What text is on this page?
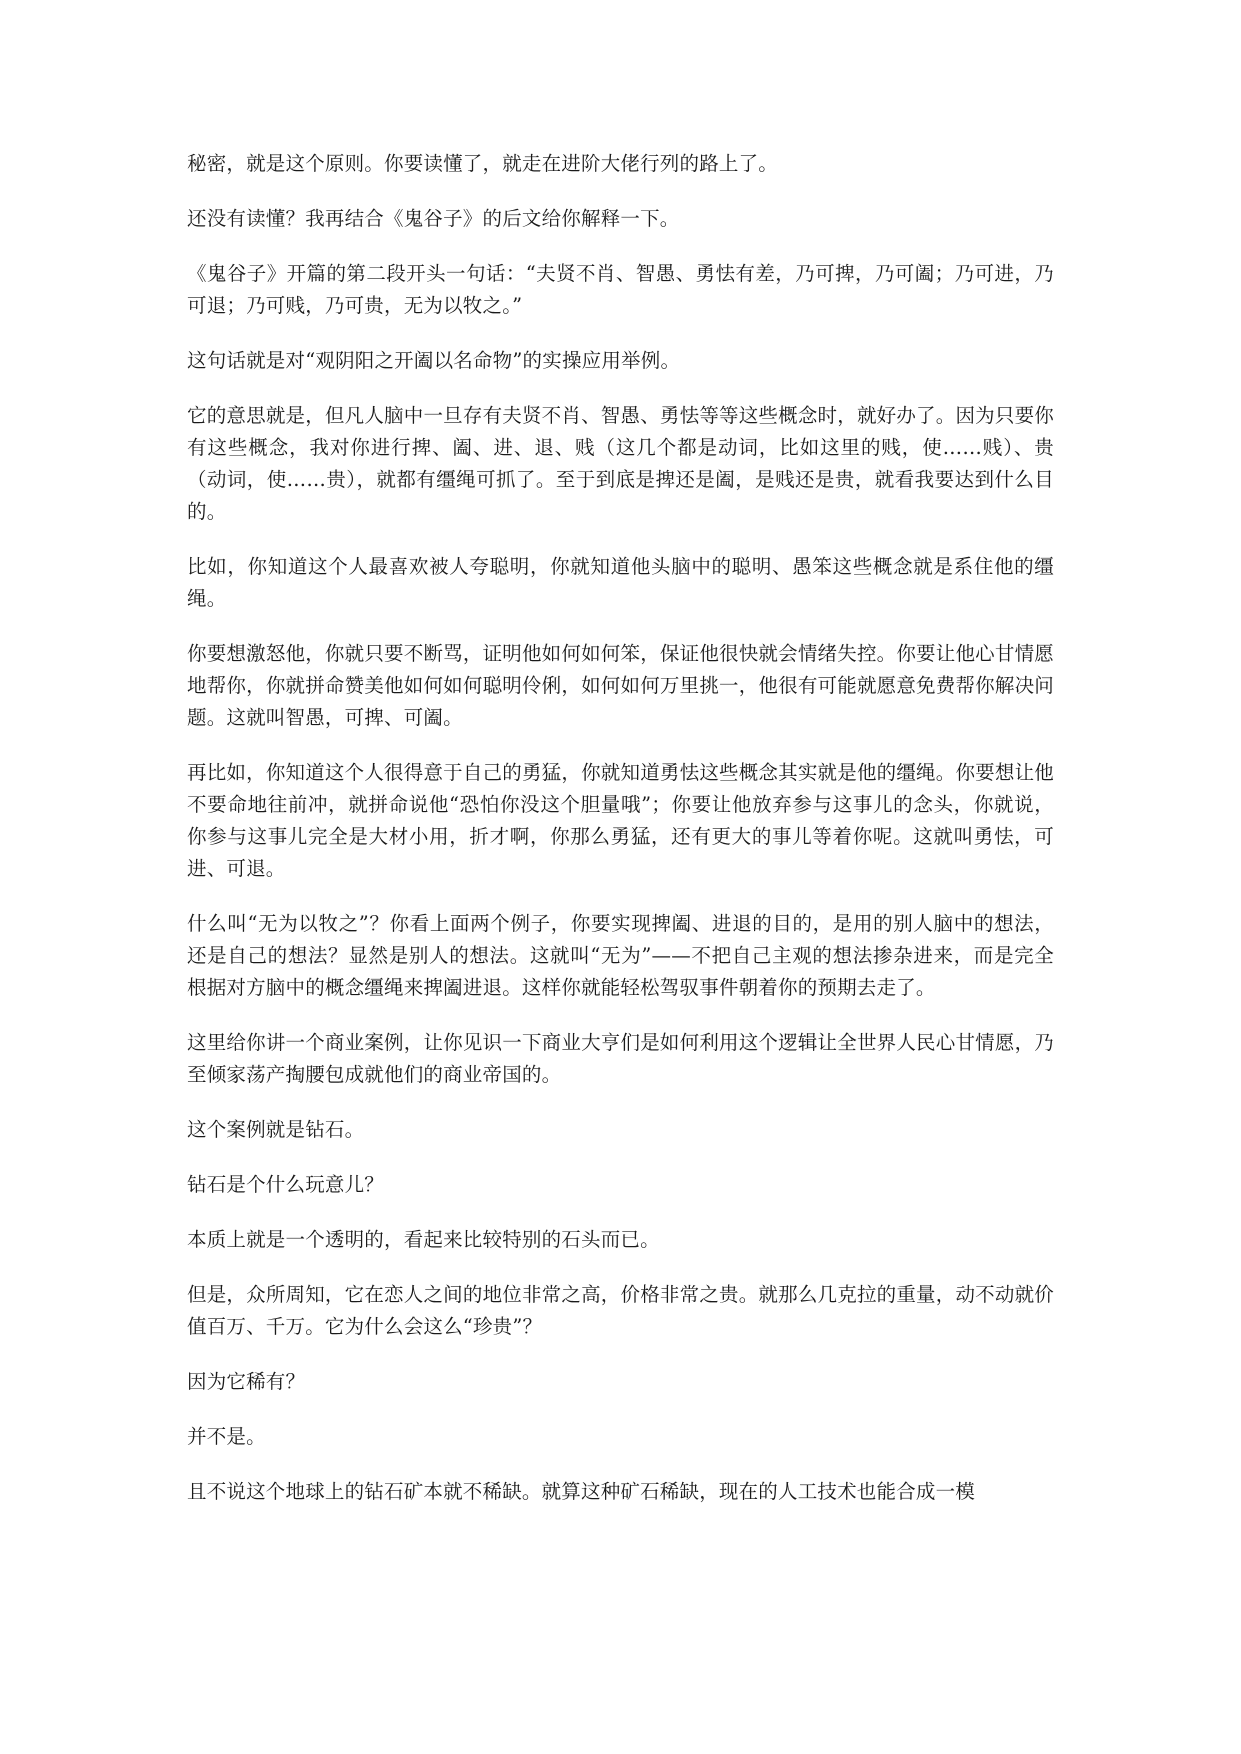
秘密，就是这个原则。你要读懂了，就走在进阶大佬行列的路上了。

还没有读懂？我再结合《鬼谷子》的后文给你解释一下。

《鬼谷子》开篇的第二段开头一句话：“夫贤不肖、智愚、勇怯有差，乃可捭，乃可阖；乃可进，乃可退；乃可贱，乃可贵，无为以牧之。”

这句话就是对“观阴阳之开阖以名命物”的实操应用举例。

它的意思就是，但凡人脑中一旦存有夫贤不肖、智愚、勇怯等等这些概念时，就好办了。因为只要你有这些概念，我对你进行捭、阖、进、退、贱（这几个都是动词，比如这里的贱，使……贱）、贵（动词，使……贵），就都有缰绳可抓了。至于到底是捭还是阖，是贱还是贵，就看我要达到什么目的。

比如，你知道这个人最喜欢被人夸聪明，你就知道他头脑中的聪明、愚笨这些概念就是系住他的缰绳。

你要想激怒他，你就只要不断骂，证明他如何如何笨，保证他很快就会情绪失控。你要让他心甘情愿地帮你，你就拼命赞美他如何如何聪明伶俐，如何如何万里挑一，他很有可能就愿意免费帮你解决问题。这就叫智愚，可捭、可阖。

再比如，你知道这个人很得意于自己的勇猛，你就知道勇怯这些概念其实就是他的缰绳。你要想让他不要命地往前冲，就拼命说他“恐怕你没这个胆量哦”；你要让他放弃参与这事儿的念头，你就说，你参与这事儿完全是大材小用，折才啊，你那么勇猛，还有更大的事儿等着你呢。这就叫勇怯，可进、可退。

什么叫“无为以牧之”？你看上面两个例子，你要实现捭阖、进退的目的，是用的别人脑中的想法，还是自己的想法？显然是别人的想法。这就叫“无为”——不把自己主观的想法掺杂进来，而是完全根据对方脑中的概念缰绳来捭阖进退。这样你就能轻松驾驭事件朝着你的预期去走了。

这里给你讲一个商业案例，让你见识一下商业大亨们是如何利用这个逻辑让全世界人民心甘情愿，乃至倾家荡产掏腰包成就他们的商业帝国的。

这个案例就是钻石。

钻石是个什么玩意儿？

本质上就是一个透明的，看起来比较特别的石头而已。

但是，众所周知，它在恋人之间的地位非常之高，价格非常之贵。就那么几克拉的重量，动不动就价值百万、千万。它为什么会这么“珍贵”？

因为它稀有？

并不是。

且不说这个地球上的钻石矿本就不稀缺。就算这种矿石稀缺，现在的人工技术也能合成一模
